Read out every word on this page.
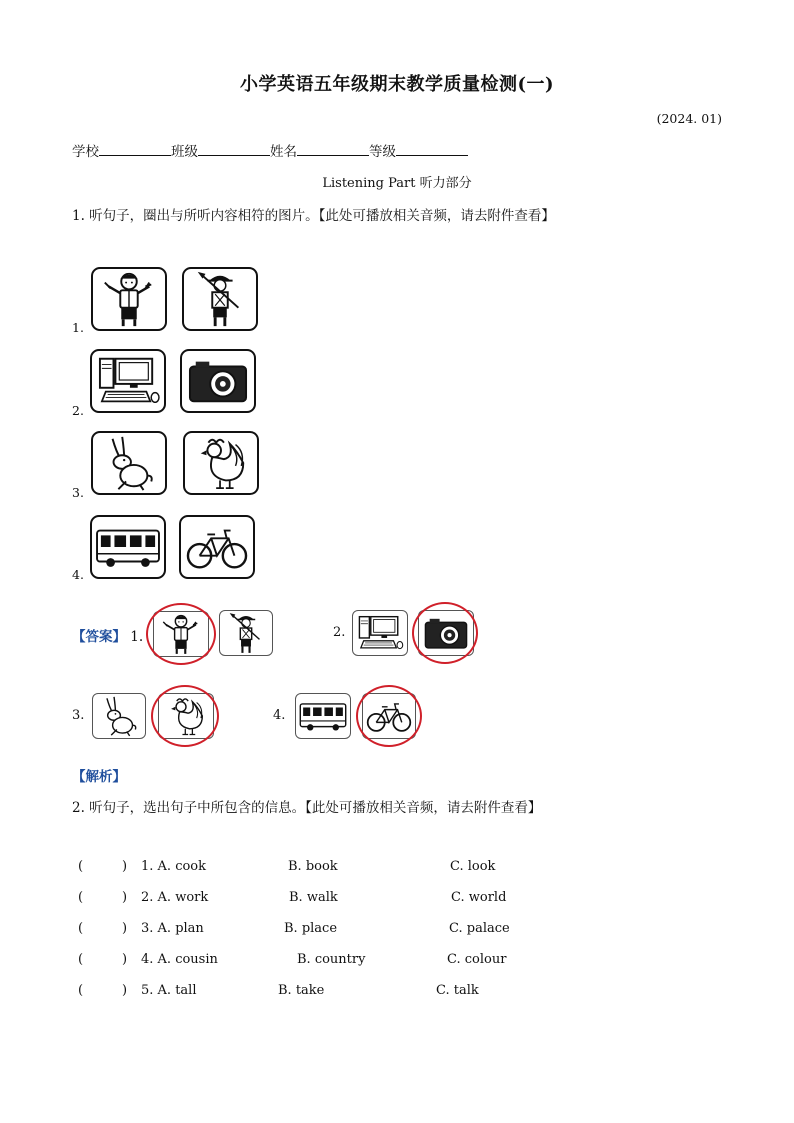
小学英语五年级期末教学质量检测(一)
(2024. 01)
学校	班级	姓名	等级
Listening Part 听力部分
1. 听句子，圈出与所听内容相符的图片。【此处可播放相关音频，请去附件查看】
1.
2.
3.
4.
【答案】 1.	2.
3.	4.
【解析】
2. 听句子，选出句子中所包含的信息。【此处可播放相关音频，请去附件查看】
(	) 1. A. cook	B. book	C. look
(	) 2. A. work	B. walk	C. world
(	) 3. A. plan	B. place	C. palace
(	) 4. A. cousin	B. country	C. colour
(	) 5. A. tall	B. take	C. talk
